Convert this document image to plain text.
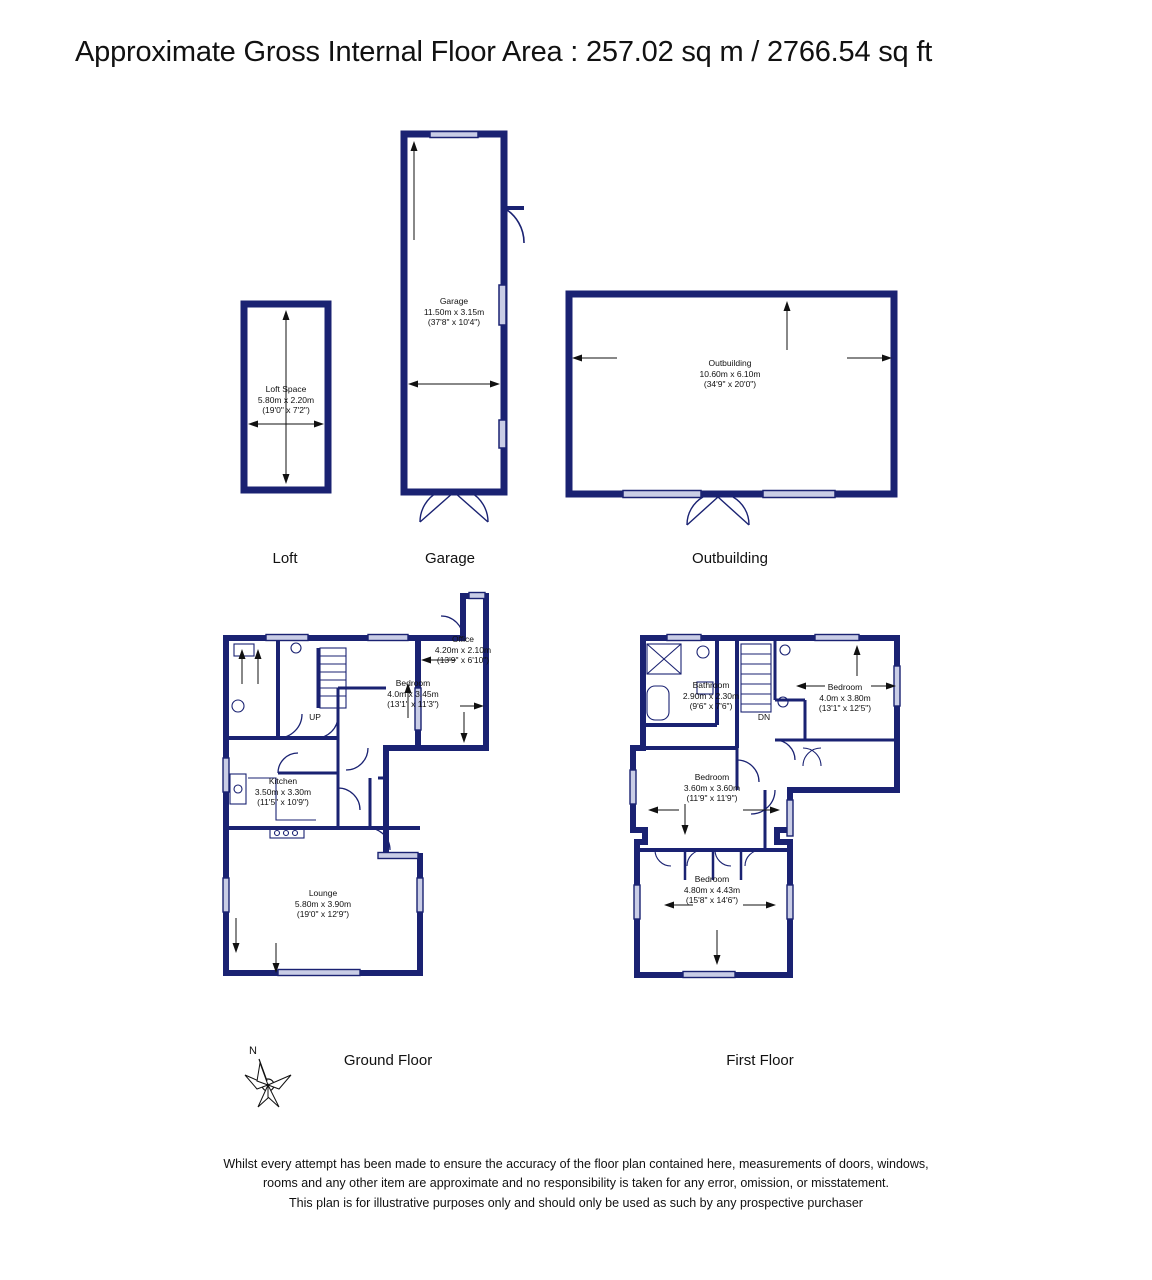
Approximate Gross Internal Floor Area : 257.02 sq m / 2766.54 sq ft
Loft Space
5.80m x 2.20m
(19'0" x 7'2")
Loft
Garage
11.50m x 3.15m
(37'8" x 10'4")
Garage
Outbuilding
10.60m x 6.10m
(34'9" x 20'0")
Outbuilding
Office
4.20m x 2.10m
(13'9" x 6'10")
Bedroom
4.0m x 3.45m
(13'1" x 11'3")
Kitchen
3.50m x 3.30m
(11'5" x 10'9")
Lounge
5.80m x 3.90m
(19'0" x 12'9")
UP
Ground Floor
Bathroom
2.90m x 2.30m
(9'6" x 7'6")
Bedroom
4.0m x 3.80m
(13'1" x 12'5")
Bedroom
3.60m x 3.60m
(11'9" x 11'9")
Bedroom
4.80m x 4.43m
(15'8" x 14'6")
DN
First Floor
N
Whilst every attempt has been made to ensure the accuracy of the floor plan contained here, measurements of doors, windows,
rooms and any other item are approximate and no responsibility is taken for any error, omission, or misstatement.
This plan is for illustrative purposes only and should only be used as such by any prospective purchaser
